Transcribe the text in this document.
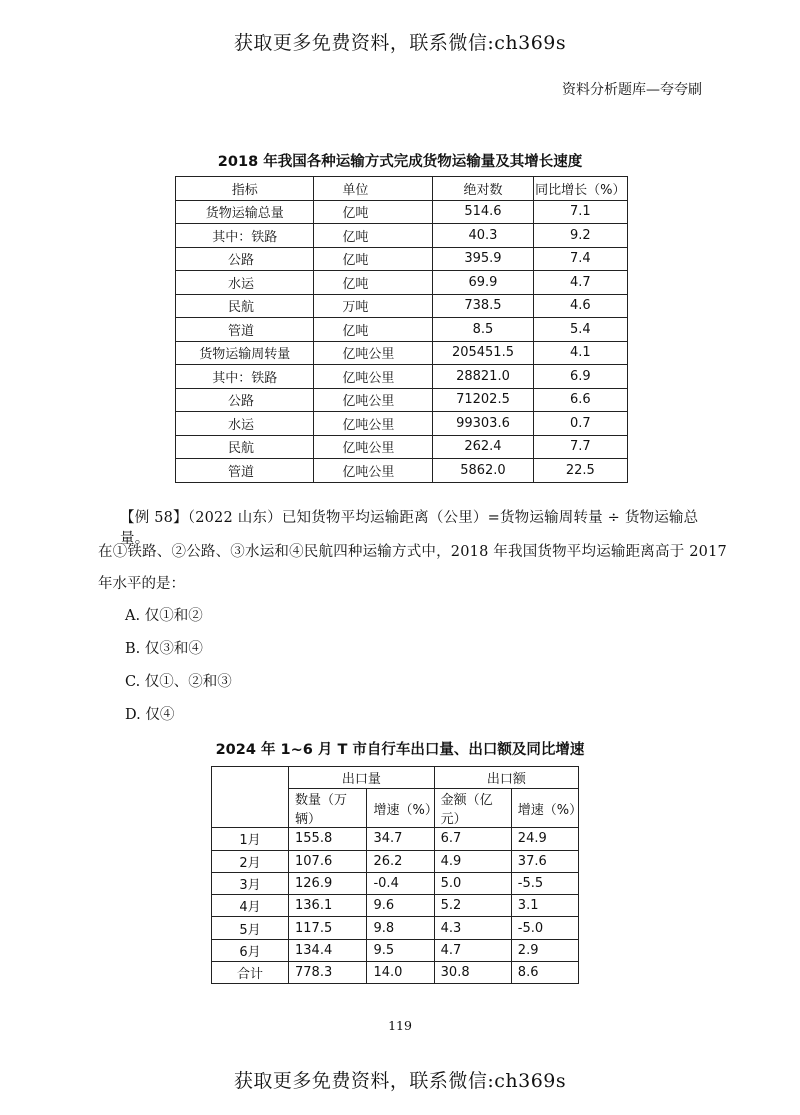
获取更多免费资料，联系微信:ch369s
资料分析题库—夸夸刷
2018 年我国各种运输方式完成货物运输量及其增长速度
指标	单位	绝对数	同比增长（%）
货物运输总量	亿吨	514.6	7.1
其中：铁路	亿吨	40.3	9.2
公路	亿吨	395.9	7.4
水运	亿吨	69.9	4.7
民航	万吨	738.5	4.6
管道	亿吨	8.5	5.4
货物运输周转量	亿吨公里	205451.5	4.1
其中：铁路	亿吨公里	28821.0	6.9
公路	亿吨公里	71202.5	6.6
水运	亿吨公里	99303.6	0.7
民航	亿吨公里	262.4	7.7
管道	亿吨公里	5862.0	22.5
【例 58】（2022 山东）已知货物平均运输距离（公里）=货物运输周转量 ÷ 货物运输总量。
在①铁路、②公路、③水运和④民航四种运输方式中，2018 年我国货物平均运输距离高于 2017
年水平的是：
A. 仅①和②
B. 仅③和④
C. 仅①、②和③
D. 仅④
2024 年 1~6 月 T 市自行车出口量、出口额及同比增速
	出口量		出口额	
	数量（万辆）	增速（%）	金额（亿元）	增速（%）
1月	155.8	34.7	6.7	24.9
2月	107.6	26.2	4.9	37.6
3月	126.9	-0.4	5.0	-5.5
4月	136.1	9.6	5.2	3.1
5月	117.5	9.8	4.3	-5.0
6月	134.4	9.5	4.7	2.9
合计	778.3	14.0	30.8	8.6
119
获取更多免费资料，联系微信:ch369s
